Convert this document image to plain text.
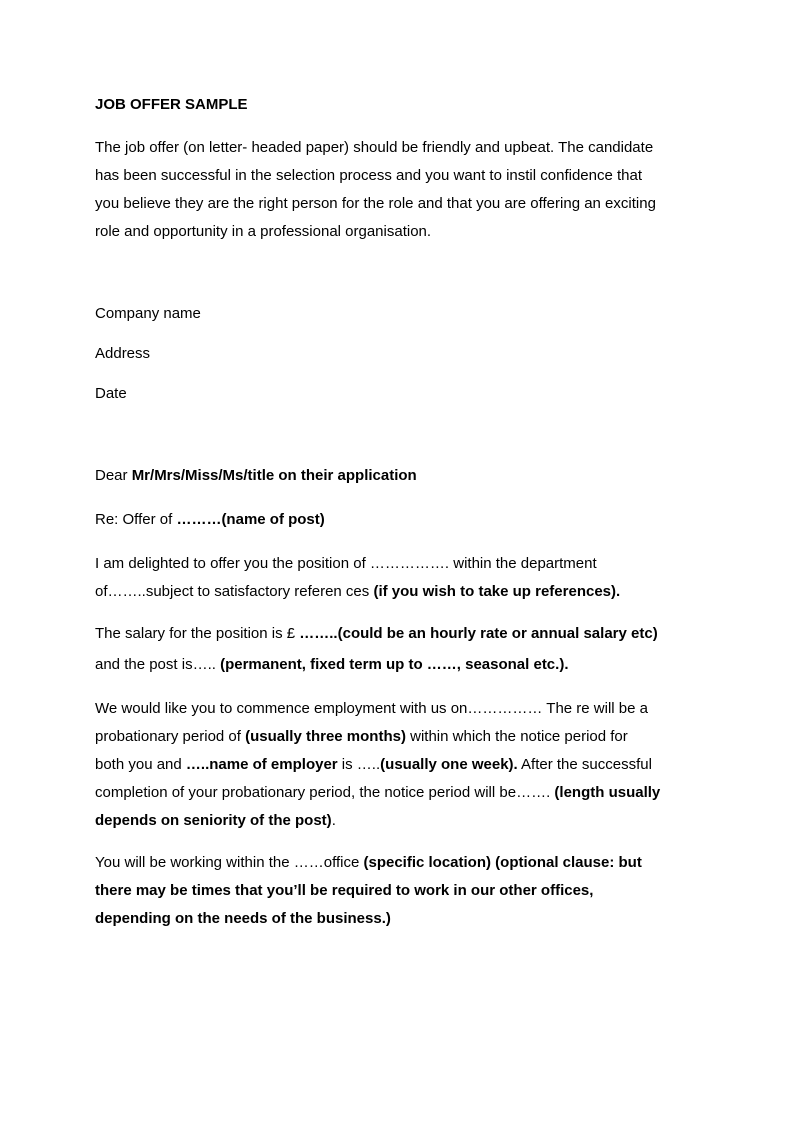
JOB OFFER SAMPLE
The job offer (on letter- headed paper) should be friendly and upbeat. The candidate
has been successful in the selection process and you want to instil confidence that
you believe they are the right person for the role and that you are offering an exciting
role and opportunity in a professional organisation.
Company name
Address
Date
Dear Mr/Mrs/Miss/Ms/title on their application
Re: Offer of ………(name of post)
I am delighted to offer you the position of ……………. within the department
of……..subject to satisfactory referen ces (if you wish to take up references).
The salary for the position is £ ……..(could be an hourly rate or annual salary etc)
and the post is….. (permanent, fixed term up to ……, seasonal etc.).
We would like you to commence employment with us on…………… The re will be a
probationary period of (usually three months) within which the notice period for
both you and …..name of employer is …..(usually one week). After the successful
completion of your probationary period, the notice period will be……. (length usually
depends on seniority of the post).
You will be working within the ……office (specific location) (optional clause: but
there may be times that you’ll be required to work in our other offices,
depending on the needs of the business.)
